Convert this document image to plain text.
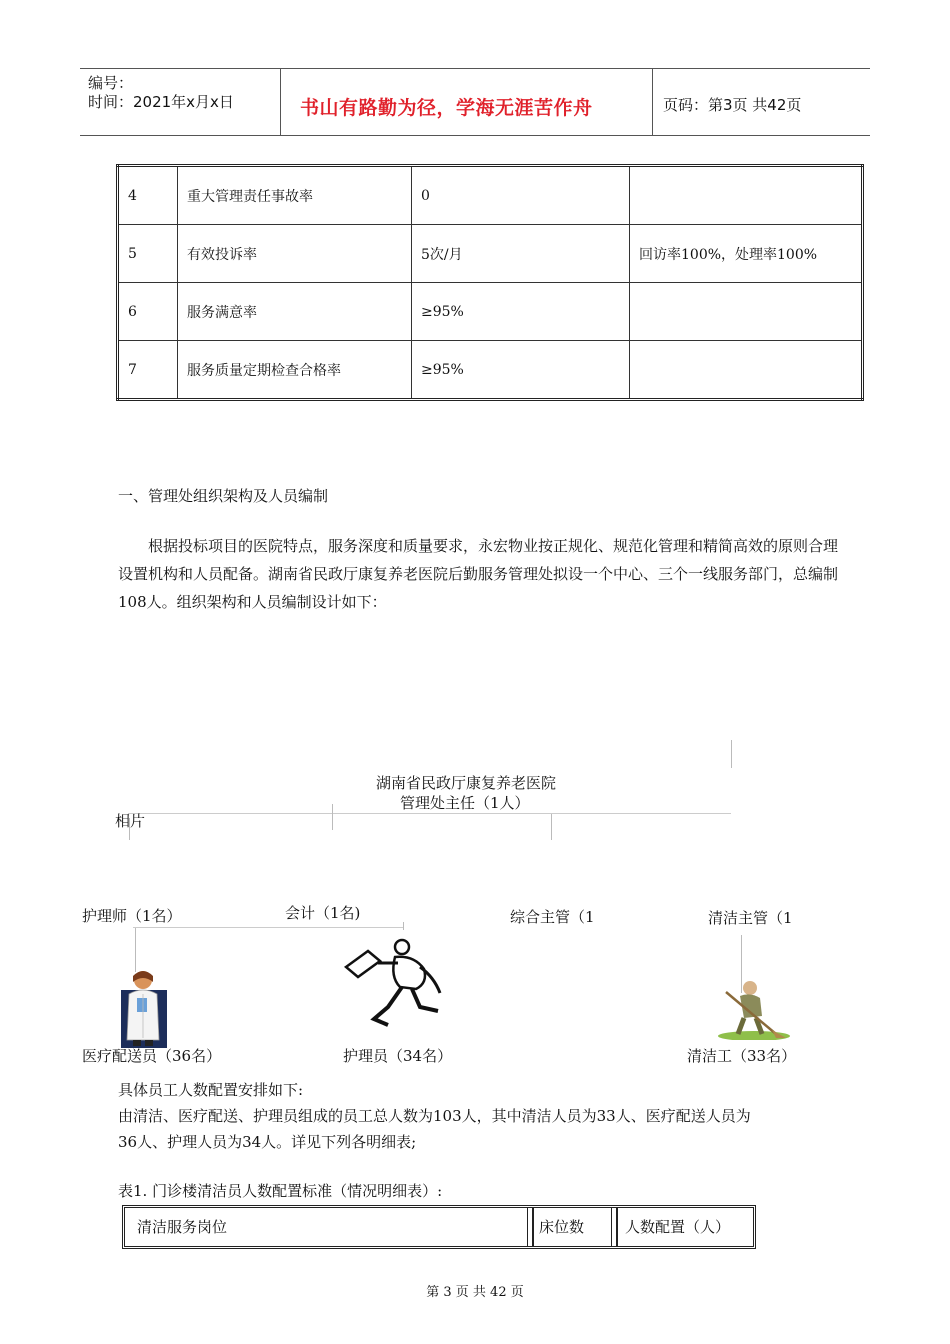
编号：
时间：2021年x月x日	书山有路勤为径，学海无涯苦作舟	页码：第3页 共42页
4	重大管理责任事故率	0	
5	有效投诉率	5次/月	回访率100%，处理率100%
6	服务满意率	≥95%	
7	服务质量定期检查合格率	≥95%	
一、管理处组织架构及人员编制
根据投标项目的医院特点，服务深度和质量要求，永宏物业按正规化、规范化管理和精简高效的原则合理设置机构和人员配备。湖南省民政厅康复养老医院后勤服务管理处拟设一个中心、三个一线服务部门，总编制108人。组织架构和人员编制设计如下：
湖南省民政厅康复养老医院
管理处主任（1人）
相片
护理师（1名）	会计（1名)	综合主管（1	清洁主管（1
医疗配送员（36名）	护理员（34名）	清洁工（33名）
具体员工人数配置安排如下:
由清洁、医疗配送、护理员组成的员工总人数为103人，其中清洁人员为33人、医疗配送人员为
36人、护理人员为34人。详见下列各明细表;
表1. 门诊楼清洁员人数配置标准（情况明细表）:
清洁服务岗位	床位数	人数配置（人）
第 3 页 共 42 页
